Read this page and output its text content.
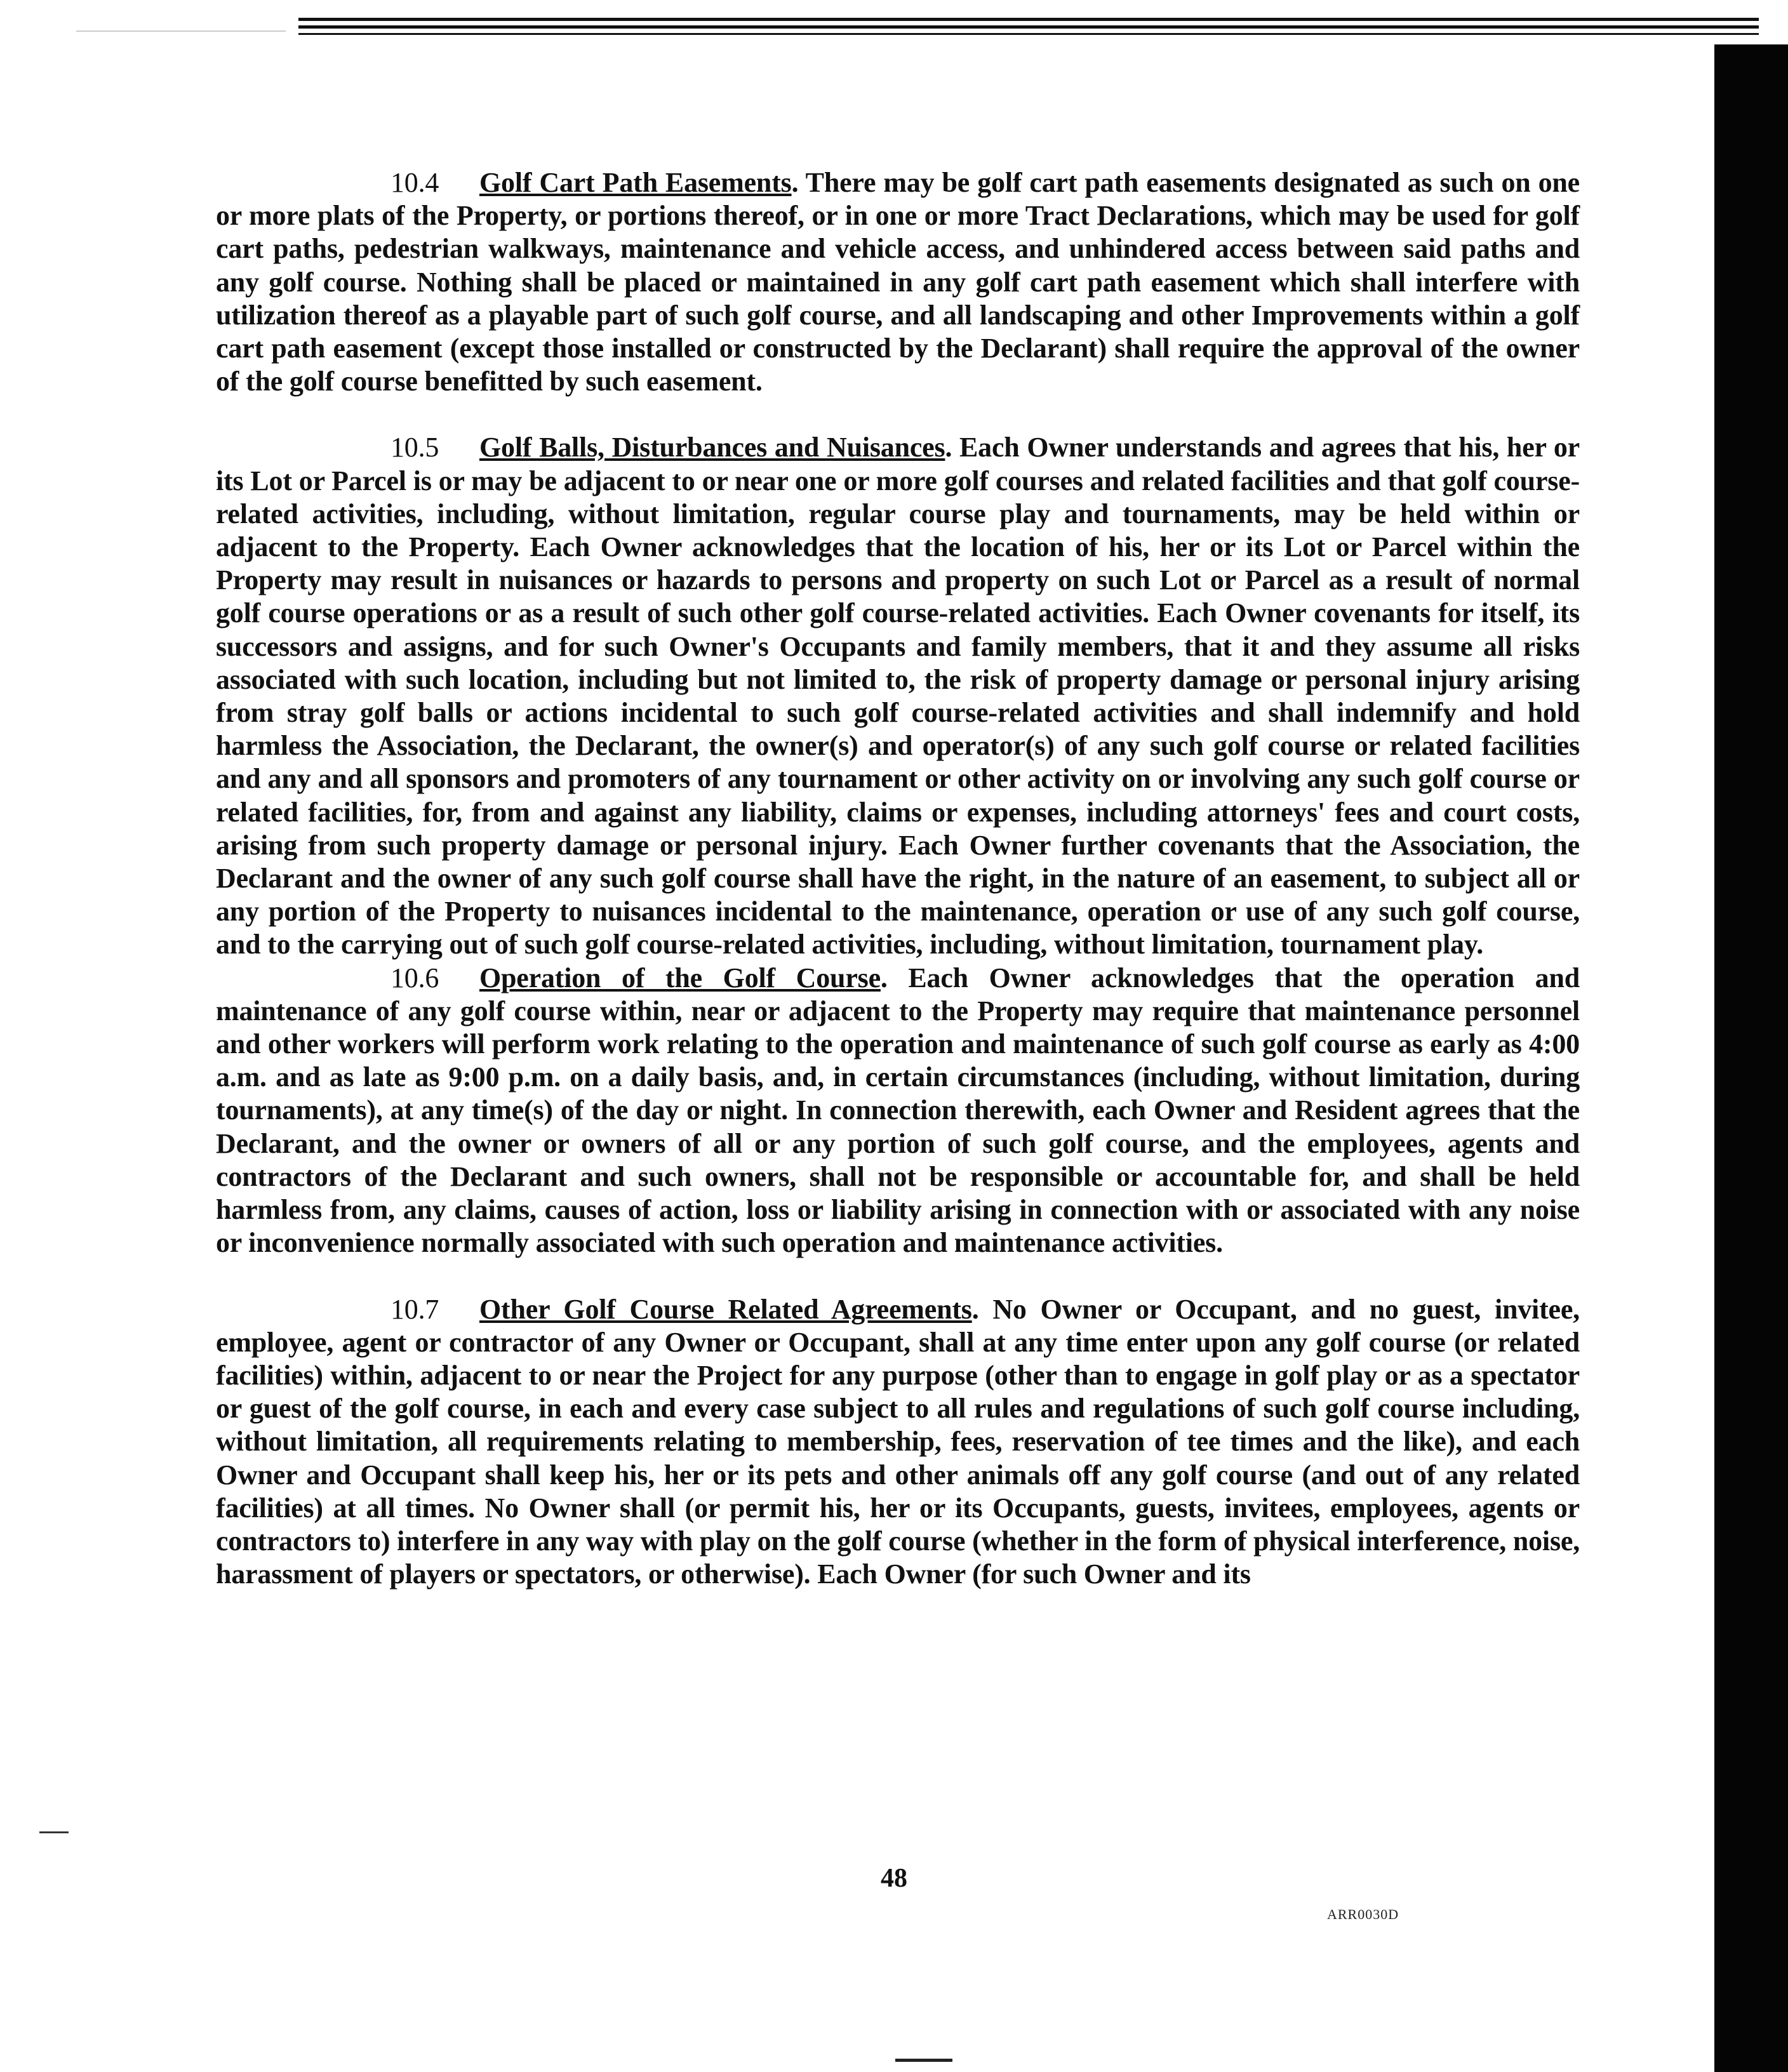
10.4 Golf Cart Path Easements. There may be golf cart path easements designated as such on one or more plats of the Property, or portions thereof, or in one or more Tract Declarations, which may be used for golf cart paths, pedestrian walkways, maintenance and vehicle access, and unhindered access between said paths and any golf course. Nothing shall be placed or maintained in any golf cart path easement which shall interfere with utilization thereof as a playable part of such golf course, and all landscaping and other Improvements within a golf cart path easement (except those installed or constructed by the Declarant) shall require the approval of the owner of the golf course benefitted by such easement.

10.5 Golf Balls, Disturbances and Nuisances. Each Owner understands and agrees that his, her or its Lot or Parcel is or may be adjacent to or near one or more golf courses and related facilities and that golf course-related activities, including, without limitation, regular course play and tournaments, may be held within or adjacent to the Property. Each Owner acknowledges that the location of his, her or its Lot or Parcel within the Property may result in nuisances or hazards to persons and property on such Lot or Parcel as a result of normal golf course operations or as a result of such other golf course-related activities. Each Owner covenants for itself, its successors and assigns, and for such Owner's Occupants and family members, that it and they assume all risks associated with such location, including but not limited to, the risk of property damage or personal injury arising from stray golf balls or actions incidental to such golf course-related activities and shall indemnify and hold harmless the Association, the Declarant, the owner(s) and operator(s) of any such golf course or related facilities and any and all sponsors and promoters of any tournament or other activity on or involving any such golf course or related facilities, for, from and against any liability, claims or expenses, including attorneys' fees and court costs, arising from such property damage or personal injury. Each Owner further covenants that the Association, the Declarant and the owner of any such golf course shall have the right, in the nature of an easement, to subject all or any portion of the Property to nuisances incidental to the maintenance, operation or use of any such golf course, and to the carrying out of such golf course-related activities, including, without limitation, tournament play.

10.6 Operation of the Golf Course. Each Owner acknowledges that the operation and maintenance of any golf course within, near or adjacent to the Property may require that maintenance personnel and other workers will perform work relating to the operation and maintenance of such golf course as early as 4:00 a.m. and as late as 9:00 p.m. on a daily basis, and, in certain circumstances (including, without limitation, during tournaments), at any time(s) of the day or night. In connection therewith, each Owner and Resident agrees that the Declarant, and the owner or owners of all or any portion of such golf course, and the employees, agents and contractors of the Declarant and such owners, shall not be responsible or accountable for, and shall be held harmless from, any claims, causes of action, loss or liability arising in connection with or associated with any noise or inconvenience normally associated with such operation and maintenance activities.

10.7 Other Golf Course Related Agreements. No Owner or Occupant, and no guest, invitee, employee, agent or contractor of any Owner or Occupant, shall at any time enter upon any golf course (or related facilities) within, adjacent to or near the Project for any purpose (other than to engage in golf play or as a spectator or guest of the golf course, in each and every case subject to all rules and regulations of such golf course including, without limitation, all requirements relating to membership, fees, reservation of tee times and the like), and each Owner and Occupant shall keep his, her or its pets and other animals off any golf course (and out of any related facilities) at all times. No Owner shall (or permit his, her or its Occupants, guests, invitees, employees, agents or contractors to) interfere in any way with play on the golf course (whether in the form of physical interference, noise, harassment of players or spectators, or otherwise). Each Owner (for such Owner and its

48
ARR0030D
